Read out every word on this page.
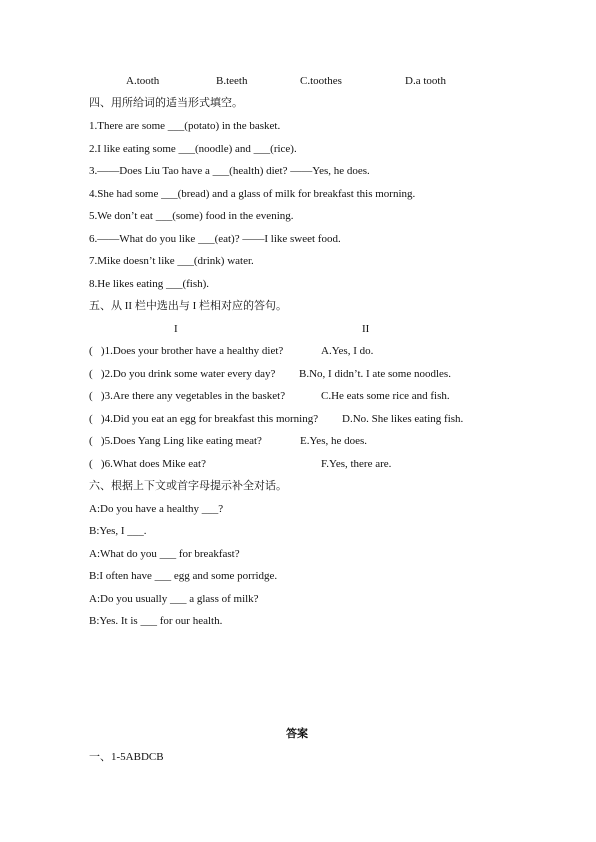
A.tooth	B.teeth	C.toothes	D.a tooth
四、用所给词的适当形式填空。
1.There are some ___(potato) in the basket.
2.I like eating some ___(noodle) and ___(rice).
3.——Does Liu Tao have a ___(health) diet? ——Yes, he does.
4.She had some ___(bread) and a glass of milk for breakfast this morning.
5.We don’t eat ___(some) food in the evening.
6.——What do you like ___(eat)? ——I like sweet food.
7.Mike doesn’t like ___(drink) water.
8.He likes eating ___(fish).
五、从 II 栏中选出与 I 栏相对应的答句。
I	II
(   )1.Does your brother have a healthy diet?	A.Yes, I do.
(   )2.Do you drink some water every day? B.No, I didn’t. I ate some noodles.
(   )3.Are there any vegetables in the basket?	C.He eats some rice and fish.
(   )4.Did you eat an egg for breakfast this morning? D.No. She likes eating fish.
(   )5.Does Yang Ling like eating meat?	E.Yes, he does.
(   )6.What does Mike eat?	F.Yes, there are.
六、根据上下文或首字母提示补全对话。
A:Do you have a healthy ___?
B:Yes, I ___.
A:What do you ___ for breakfast?
B:I often have ___ egg and some porridge.
A:Do you usually ___ a glass of milk?
B:Yes. It is ___ for our health.
答案
一、1-5ABDCB
